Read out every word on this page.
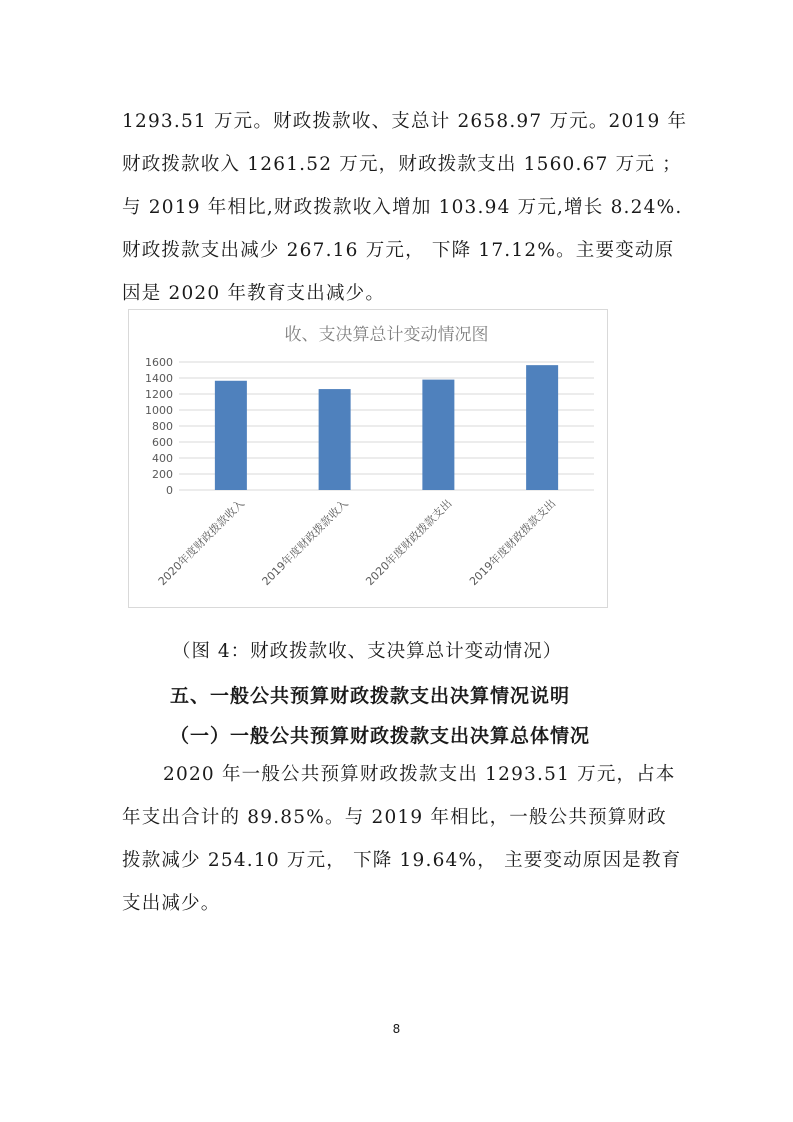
1293.51 万元。财政拨款收、支总计 2658.97 万元。2019 年
财政拨款收入 1261.52 万元，财政拨款支出 1560.67 万元 ；
与 2019 年相比,财政拨款收入增加 103.94 万元,增长 8.24%.
财政拨款支出减少 267.16 万元， 下降 17.12%。主要变动原
因是 2020 年教育支出减少。
收、支决算总计变动情况图
0
200
400
600
800
1000
1200
1400
1600
2020年度财政拨款收入 2019年度财政拨款收入 2020年度财政拨款支出 2019年度财政拨款支出
（图 4：财政拨款收、支决算总计变动情况）
五、一般公共预算财政拨款支出决算情况说明
（一）一般公共预算财政拨款支出决算总体情况
2020 年一般公共预算财政拨款支出 1293.51 万元，占本
年支出合计的 89.85%。与 2019 年相比，一般公共预算财政
拨款减少 254.10 万元， 下降 19.64%， 主要变动原因是教育
支出减少。
8
